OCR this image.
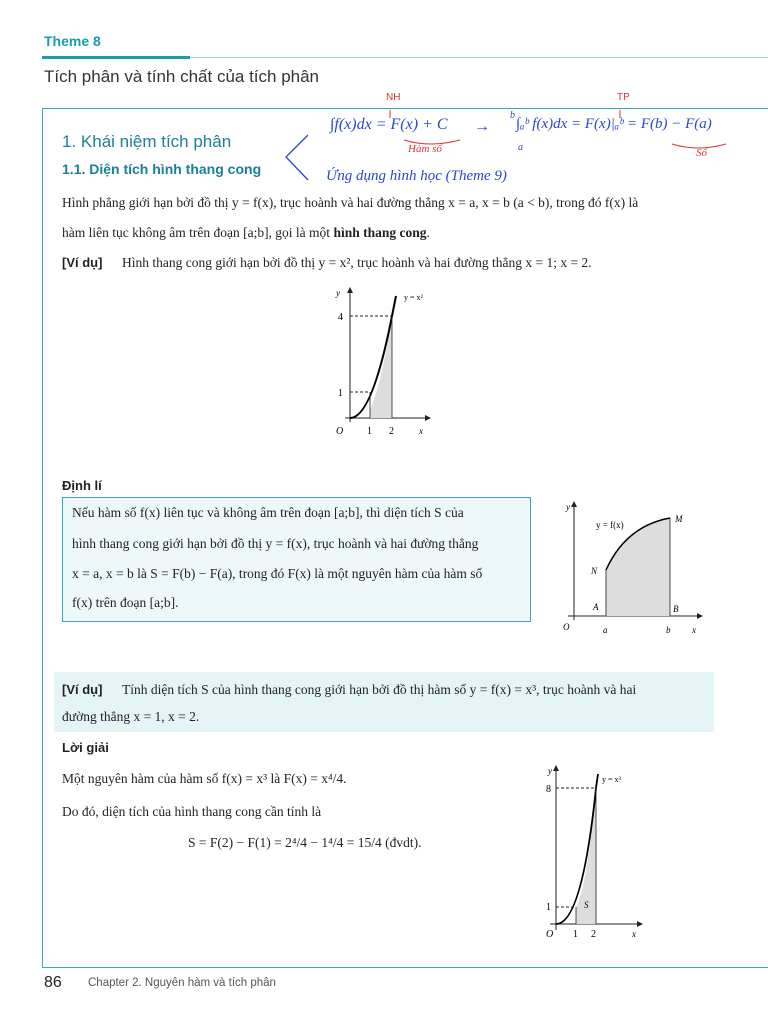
Theme 8
Tích phân và tính chất của tích phân
NH	TP
∫f(x)dx = F(x) + C
Hàm số
→
b
a
∫ₐᵇ f(x)dx = F(x)|ₐᵇ = F(b) − F(a)
Số
Ứng dụng hình học (Theme 9)
1. Khái niệm tích phân
1.1. Diện tích hình thang cong
Hình phẳng giới hạn bởi đồ thị y = f(x), trục hoành và hai đường thẳng x = a, x = b (a < b), trong đó f(x) là
hàm liên tục không âm trên đoạn [a;b], gọi là một hình thang cong.
[Ví dụ] Hình thang cong giới hạn bởi đồ thị y = x², trục hoành và hai đường thẳng x = 1; x = 2.
y	y = x²
4
1
O 1 2	x
Định lí
Nếu hàm số f(x) liên tục và không âm trên đoạn [a;b], thì diện tích S của
hình thang cong giới hạn bởi đồ thị y = f(x), trục hoành và hai đường thẳng
x = a, x = b là S = F(b) − F(a), trong đó F(x) là một nguyên hàm của hàm số
f(x) trên đoạn [a;b].
y
y = f(x)
M
N
A	B
O	a	b x
[Ví dụ] Tính diện tích S của hình thang cong giới hạn bởi đồ thị hàm số y = f(x) = x³, trục hoành và hai
đường thẳng x = 1, x = 2.
Lời giải
Một nguyên hàm của hàm số f(x) = x³ là F(x) = x⁴/4.
Do đó, diện tích của hình thang cong cần tính là
S = F(2) − F(1) = 2⁴/4 − 1⁴/4 = 15/4 (đvdt).
y
y = x³
8
1	S
O 1 2	x
86 Chapter 2. Nguyên hàm và tích phân
